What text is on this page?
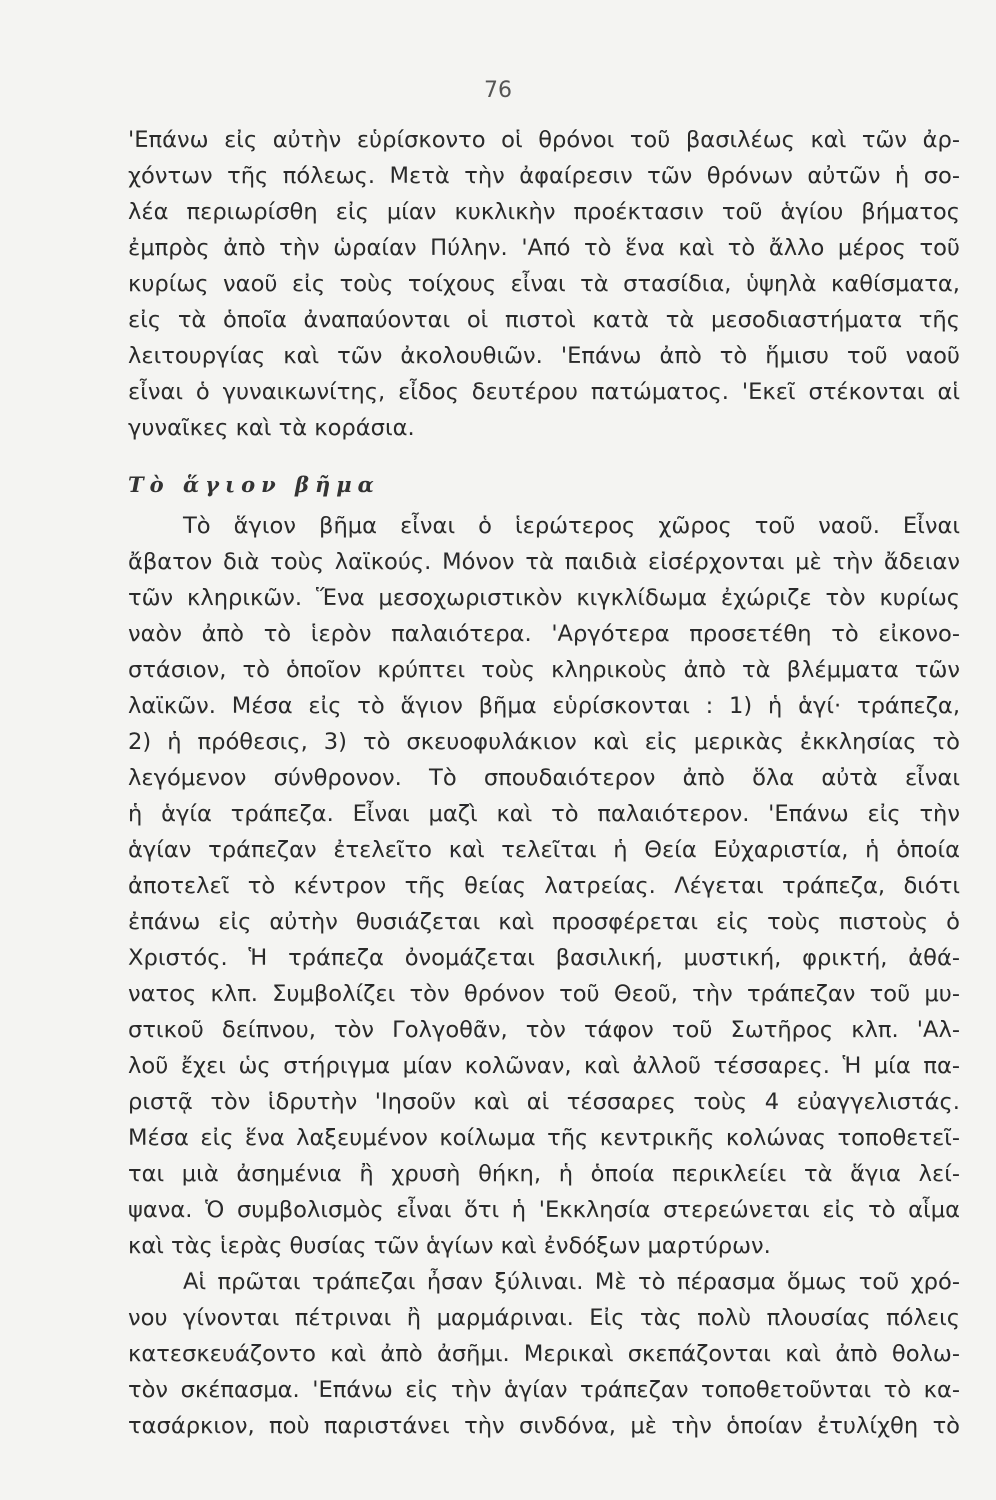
76
'Επάνω εἰς αὐτὴν εὑρίσκοντο οἱ θρόνοι τοῦ βασιλέως καὶ τῶν ἀρ-
χόντων τῆς πόλεως. Μετὰ τὴν ἀφαίρεσιν τῶν θρόνων αὐτῶν ἡ σο-
λέα περιωρίσθη εἰς μίαν κυκλικὴν προέκτασιν τοῦ ἁγίου βήματος
ἐμπρὸς ἀπὸ τὴν ὡραίαν Πύλην. 'Από τὸ ἕνα καὶ τὸ ἄλλο μέρος τοῦ
κυρίως ναοῦ εἰς τοὺς τοίχους εἶναι τὰ στασίδια, ὑψηλὰ καθίσματα,
εἰς τὰ ὁποῖα ἀναπαύονται οἱ πιστοὶ κατὰ τὰ μεσοδιαστήματα τῆς
λειτουργίας καὶ τῶν ἀκολουθιῶν. 'Επάνω ἀπὸ τὸ ἥμισυ τοῦ ναοῦ
εἶναι ὁ γυναικωνίτης, εἶδος δευτέρου πατώματος. 'Εκεῖ στέκονται αἱ
γυναῖκες καὶ τὰ κοράσια.
Τὸ ἅγιον βῆμα
Τὸ ἅγιον βῆμα εἶναι ὁ ἱερώτερος χῶρος τοῦ ναοῦ. Εἶναι
ἄβατον διὰ τοὺς λαϊκούς. Μόνον τὰ παιδιὰ εἰσέρχονται μὲ τὴν ἄδειαν
τῶν κληρικῶν. Ἕνα μεσοχωριστικὸν κιγκλίδωμα ἐχώριζε τὸν κυρίως
ναὸν ἀπὸ τὸ ἱερὸν παλαιότερα. 'Αργότερα προσετέθη τὸ εἰκονο-
στάσιον, τὸ ὁποῖον κρύπτει τοὺς κληρικοὺς ἀπὸ τὰ βλέμματα τῶν
λαϊκῶν. Μέσα εἰς τὸ ἅγιον βῆμα εὑρίσκονται : 1) ἡ ἁγί· τράπεζα,
2) ἡ πρόθεσις, 3) τὸ σκευοφυλάκιον καὶ εἰς μερικὰς ἐκκλησίας τὸ
λεγόμενον σύνθρονον. Τὸ σπουδαιότερον ἀπὸ ὅλα αὐτὰ εἶναι
ἡ ἁγία τράπεζα. Εἶναι μαζὶ καὶ τὸ παλαιότερον. 'Επάνω εἰς τὴν
ἁγίαν τράπεζαν ἐτελεῖτο καὶ τελεῖται ἡ Θεία Εὐχαριστία, ἡ ὁποία
ἀποτελεῖ τὸ κέντρον τῆς θείας λατρείας. Λέγεται τράπεζα, διότι
ἐπάνω εἰς αὐτὴν θυσιάζεται καὶ προσφέρεται εἰς τοὺς πιστοὺς ὁ
Χριστός. Ἡ τράπεζα ὀνομάζεται βασιλική, μυστική, φρικτή, ἀθά-
νατος κλπ. Συμβολίζει τὸν θρόνον τοῦ Θεοῦ, τὴν τράπεζαν τοῦ μυ-
στικοῦ δείπνου, τὸν Γολγοθᾶν, τὸν τάφον τοῦ Σωτῆρος κλπ. 'Αλ-
λοῦ ἔχει ὡς στήριγμα μίαν κολῶναν, καὶ ἀλλοῦ τέσσαρες. Ἡ μία πα-
ριστᾷ τὸν ἱδρυτὴν 'Ιησοῦν καὶ αἱ τέσσαρες τοὺς 4 εὐαγγελιστάς.
Μέσα εἰς ἕνα λαξευμένον κοίλωμα τῆς κεντρικῆς κολώνας τοποθετεῖ-
ται μιὰ ἀσημένια ἢ χρυσὴ θήκη, ἡ ὁποία περικλείει τὰ ἅγια λεί-
ψανα. Ὁ συμβολισμὸς εἶναι ὅτι ἡ 'Εκκλησία στερεώνεται εἰς τὸ αἷμα
καὶ τὰς ἱερὰς θυσίας τῶν ἁγίων καὶ ἐνδόξων μαρτύρων.
Αἱ πρῶται τράπεζαι ἦσαν ξύλιναι. Μὲ τὸ πέρασμα ὅμως τοῦ χρό-
νου γίνονται πέτριναι ἢ μαρμάριναι. Εἰς τὰς πολὺ πλουσίας πόλεις
κατεσκευάζοντο καὶ ἀπὸ ἀσῆμι. Μερικαὶ σκεπάζονται καὶ ἀπὸ θολω-
τὸν σκέπασμα. 'Επάνω εἰς τὴν ἁγίαν τράπεζαν τοποθετοῦνται τὸ κα-
τασάρκιον, ποὺ παριστάνει τὴν σινδόνα, μὲ τὴν ὁποίαν ἐτυλίχθη τὸ
